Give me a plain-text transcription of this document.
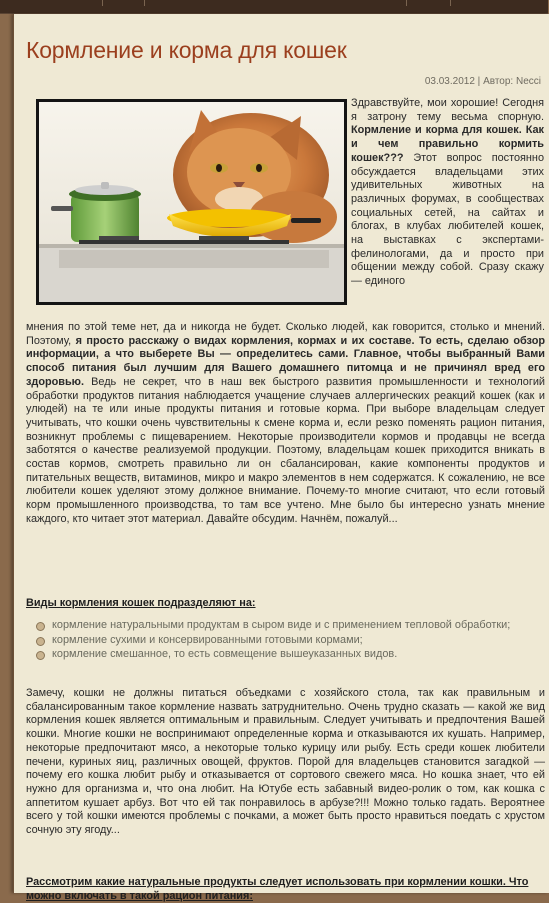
Кормление и корма для кошек
03.03.2012 | Автор: Necci

Здравствуйте, мои хорошие! Сегодня я затрону тему весьма спорную. Кормление и корма для кошек. Как и чем правильно кормить кошек??? Этот вопрос постоянно обсуждается владельцами этих удивительных животных на различных форумах, в сообществах социальных сетей, на сайтах и блогах, в клубах любителей кошек, на выставках с экспертами-фелинологами, да и просто при общении между собой. Сразу скажу — единого

мнения по этой теме нет, да и никогда не будет. Сколько людей, как говорится, столько и мнений. Поэтому, я просто расскажу о видах кормления, кормах и их составе. То есть, сделаю обзор информации, а что выберете Вы — определитесь сами. Главное, чтобы выбранный Вами способ питания был лучшим для Вашего домашнего питомца и не причинял вред его здоровью. Ведь не секрет, что в наш век быстрого развития промышленности и технологий обработки продуктов питания наблюдается учащение случаев аллергических реакций кошек (как и улюдей) на те или иные продукты питания и готовые корма. При выборе владельцам следует учитывать, что кошки очень чувствительны к смене корма и, если резко поменять рацион питания, возникнут проблемы с пищеварением. Некоторые производители кормов и продавцы не всегда заботятся о качестве реализуемой продукции. Поэтому, владельцам кошек приходится вникать в состав кормов, смотреть правильно ли он сбалансирован, какие компоненты продуктов и питательных веществ, витаминов, микро и макро элементов в нем содержатся. К сожалению, не все любители кошек уделяют этому должное внимание. Почему-то многие считают, что если готовый корм промышленного производства, то там все учтено. Мне было бы интересно узнать мнение каждого, кто читает этот материал. Давайте обсудим. Начнём, пожалуй...

Виды кормления кошек подразделяют на:
кормление натуральными продуктам в сыром виде и с применением тепловой обработки;
кормление сухими и консервированными готовыми кормами;
кормление смешанное, то есть совмещение вышеуказанных видов.

Замечу, кошки не должны питаться объедками с хозяйского стола, так как правильным и сбалансированным такое кормление назвать затруднительно. Очень трудно сказать — какой же вид кормления кошек является оптимальным и правильным. Следует учитывать и предпочтения Вашей кошки. Многие кошки не воспринимают определенные корма и отказываются их кушать. Например, некоторые предпочитают мясо, а некоторые только курицу или рыбу. Есть среди кошек любители печени, куриных яиц, различных овощей, фруктов. Порой для владельцев становится загадкой — почему его кошка любит рыбу и отказывается от сортового свежего мяса. Но кошка знает, что ей нужно для организма и, что она любит. На Ютубе есть забавный видео-ролик о том, как кошка с аппетитом кушает арбуз. Вот что ей так понравилось в арбузе?!!! Можно только гадать. Вероятнее всего у той кошки имеются проблемы с почками, а может быть просто нравиться поедать с хрустом сочную эту ягоду...

Рассмотрим какие натуральные продукты следует использовать при кормлении кошки. Что можно включать в такой рацион питания:
